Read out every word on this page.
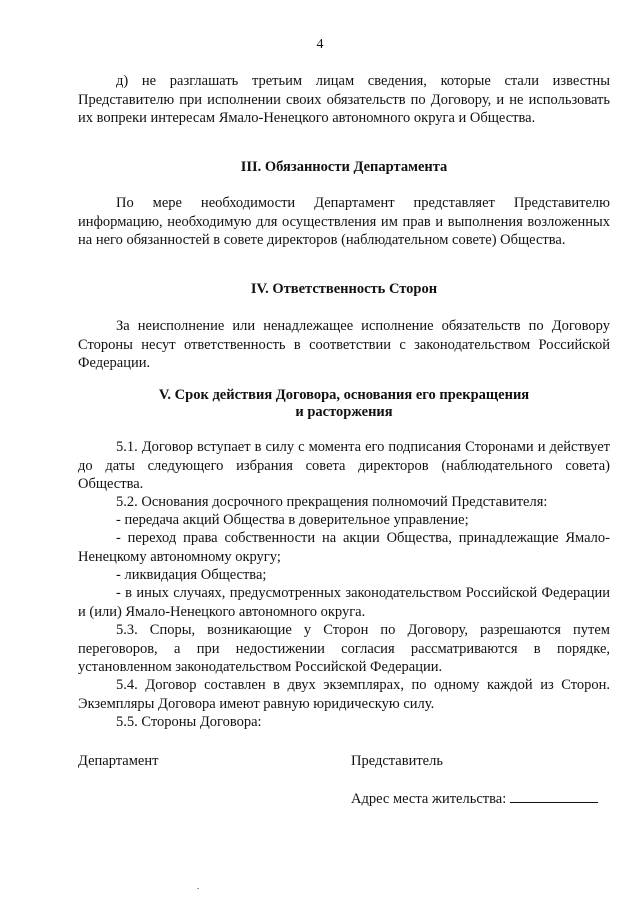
4

д) не разглашать третьим лицам сведения, которые стали известны Представителю при исполнении своих обязательств по Договору, и не использовать их вопреки интересам Ямало-Ненецкого автономного округа и Общества.

III. Обязанности Департамента

По мере необходимости Департамент представляет Представителю информацию, необходимую для осуществления им прав и выполнения возложенных на него обязанностей в совете директоров (наблюдательном совете) Общества.

IV. Ответственность Сторон

За неисполнение или ненадлежащее исполнение обязательств по Договору Стороны несут ответственность в соответствии с законодательством Российской Федерации.

V. Срок действия Договора, основания его прекращения

и расторжения

5.1. Договор вступает в силу с момента его подписания Сторонами и действует до даты следующего избрания совета директоров (наблюдательного совета) Общества.

5.2. Основания досрочного прекращения полномочий Представителя:

- передача акций Общества в доверительное управление;

- переход права собственности на акции Общества, принадлежащие Ямало-Ненецкому автономному округу;

- ликвидация Общества;

- в иных случаях, предусмотренных законодательством Российской Федерации и (или) Ямало-Ненецкого автономного округа.

5.3. Споры, возникающие у Сторон по Договору, разрешаются путем переговоров, а при недостижении согласия рассматриваются в порядке, установленном законодательством Российской Федерации.

5.4. Договор составлен в двух экземплярах, по одному каждой из Сторон. Экземпляры Договора имеют равную юридическую силу.

5.5. Стороны Договора:

Департамент	Представитель
Адрес места жительства:
